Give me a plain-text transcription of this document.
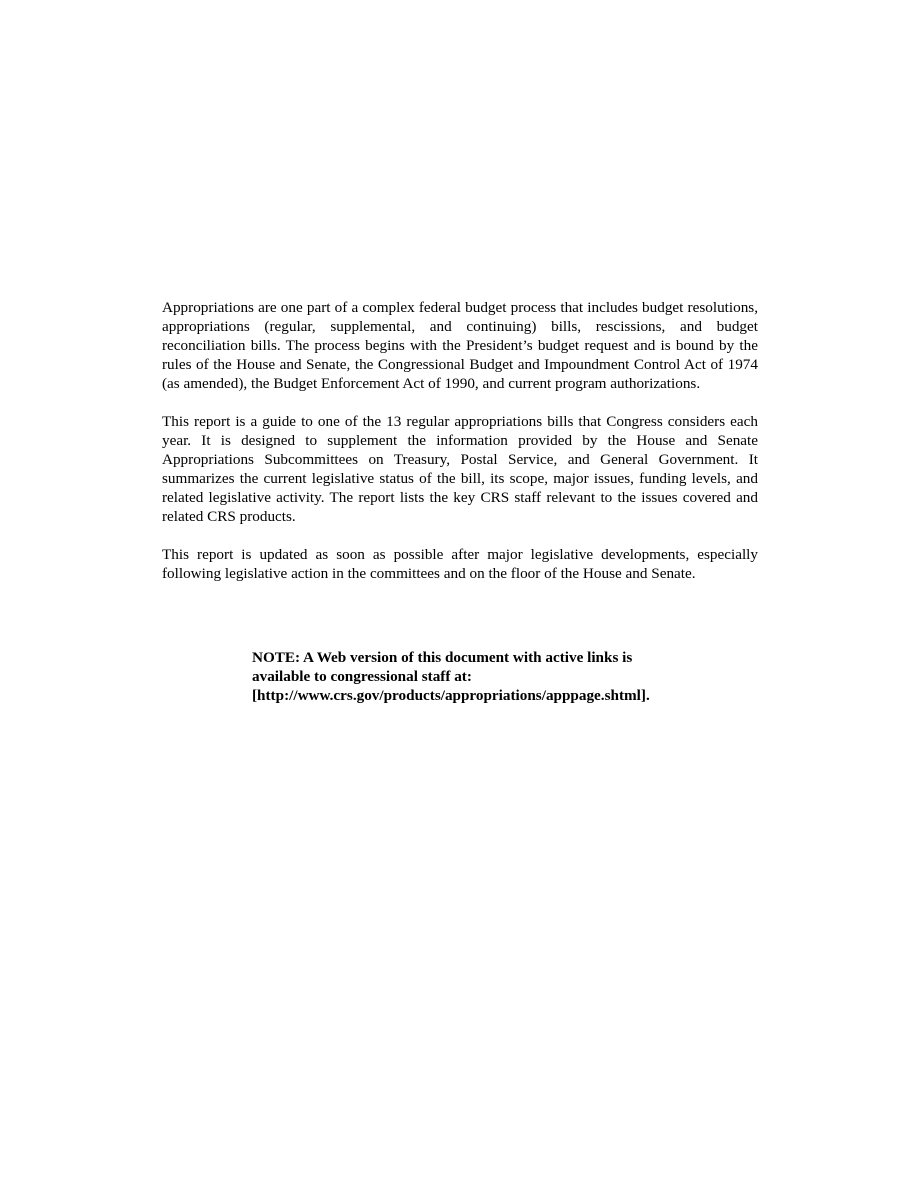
Appropriations are one part of a complex federal budget process that includes budget resolutions, appropriations (regular, supplemental, and continuing) bills, rescissions, and budget reconciliation bills. The process begins with the President’s budget request and is bound by the rules of the House and Senate, the Congressional Budget and Impoundment Control Act of 1974 (as amended), the Budget Enforcement Act of 1990, and current program authorizations.

This report is a guide to one of the 13 regular appropriations bills that Congress considers each year. It is designed to supplement the information provided by the House and Senate Appropriations Subcommittees on Treasury, Postal Service, and General Government. It summarizes the current legislative status of the bill, its scope, major issues, funding levels, and related legislative activity. The report lists the key CRS staff relevant to the issues covered and related CRS products.

This report is updated as soon as possible after major legislative developments, especially following legislative action in the committees and on the floor of the House and Senate.

NOTE: A Web version of this document with active links is
available to congressional staff at:
[http://www.crs.gov/products/appropriations/apppage.shtml].
